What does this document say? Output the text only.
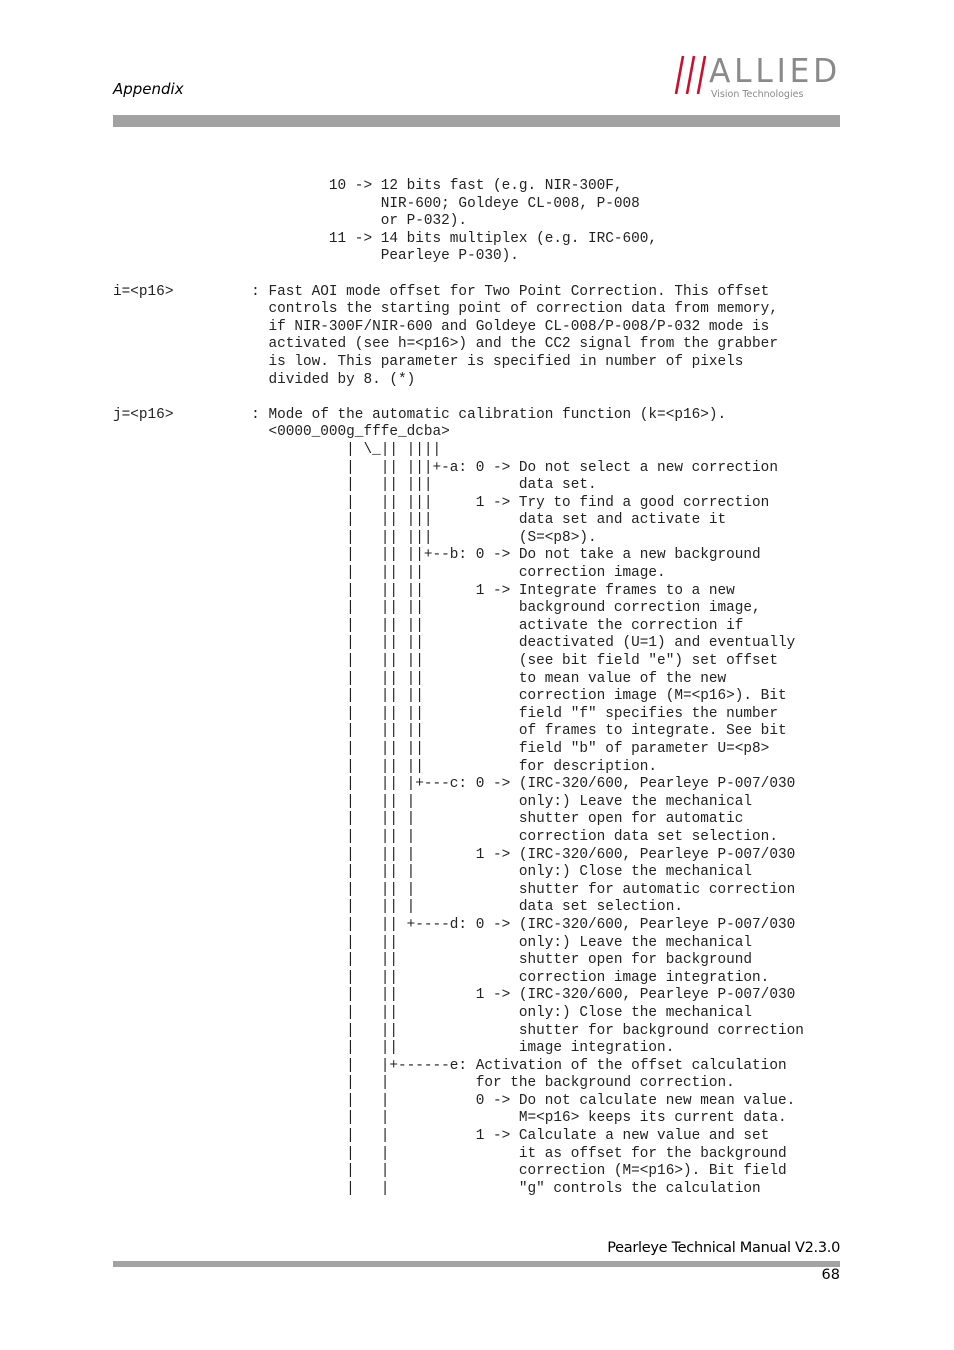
Appendix	ALLIED
Vision Technologies
10 -> 12 bits fast (e.g. NIR-300F,
NIR-600; Goldeye CL-008, P-008
or P-032).
11 -> 14 bits multiplex (e.g. IRC-600,
Pearleye P-030).

i=<p16>         : Fast AOI mode offset for Two Point Correction. This offset
controls the starting point of correction data from memory,
if NIR-300F/NIR-600 and Goldeye CL-008/P-008/P-032 mode is
activated (see h=<p16>) and the CC2 signal from the grabber
is low. This parameter is specified in number of pixels
divided by 8. (*)

j=<p16>         : Mode of the automatic calibration function (k=<p16>).
<0000_000g_fffe_dcba>
| \_|| ||||
|   || |||+-a: 0 -> Do not select a new correction
|   || |||          data set.
|   || |||     1 -> Try to find a good correction
|   || |||          data set and activate it
|   || |||          (S=<p8>).
|   || ||+--b: 0 -> Do not take a new background
|   || ||           correction image.
|   || ||      1 -> Integrate frames to a new
|   || ||           background correction image,
|   || ||           activate the correction if
|   || ||           deactivated (U=1) and eventually
|   || ||           (see bit field "e") set offset
|   || ||           to mean value of the new
|   || ||           correction image (M=<p16>). Bit
|   || ||           field "f" specifies the number
|   || ||           of frames to integrate. See bit
|   || ||           field "b" of parameter U=<p8>
|   || ||           for description.
|   || |+---c: 0 -> (IRC-320/600, Pearleye P-007/030
|   || |            only:) Leave the mechanical
|   || |            shutter open for automatic
|   || |            correction data set selection.
|   || |       1 -> (IRC-320/600, Pearleye P-007/030
|   || |            only:) Close the mechanical
|   || |            shutter for automatic correction
|   || |            data set selection.
|   || +----d: 0 -> (IRC-320/600, Pearleye P-007/030
|   ||              only:) Leave the mechanical
|   ||              shutter open for background
|   ||              correction image integration.
|   ||         1 -> (IRC-320/600, Pearleye P-007/030
|   ||              only:) Close the mechanical
|   ||              shutter for background correction
|   ||              image integration.
|   |+------e: Activation of the offset calculation
|   |          for the background correction.
|   |          0 -> Do not calculate new mean value.
|   |               M=<p16> keeps its current data.
|   |          1 -> Calculate a new value and set
|   |               it as offset for the background
|   |               correction (M=<p16>). Bit field
|   |               "g" controls the calculation
Pearleye Technical Manual V2.3.0
68
